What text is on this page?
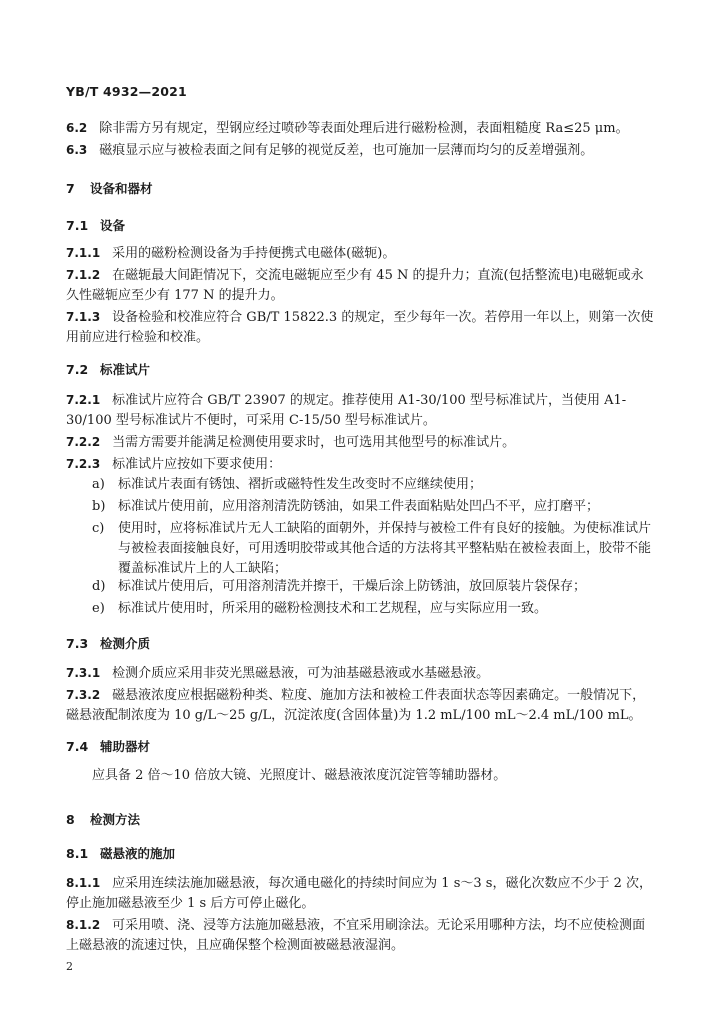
YB/T 4932—2021
6.2 除非需方另有规定，型钢应经过喷砂等表面处理后进行磁粉检测，表面粗糙度 Ra≤25 μm。
6.3 磁痕显示应与被检表面之间有足够的视觉反差，也可施加一层薄而均匀的反差增强剂。
7 设备和器材
7.1 设备
7.1.1 采用的磁粉检测设备为手持便携式电磁体(磁轭)。
7.1.2 在磁轭最大间距情况下，交流电磁轭应至少有 45 N 的提升力；直流(包括整流电)电磁轭或永久性磁轭应至少有 177 N 的提升力。
7.1.3 设备检验和校准应符合 GB/T 15822.3 的规定，至少每年一次。若停用一年以上，则第一次使用前应进行检验和校准。
7.2 标准试片
7.2.1 标准试片应符合 GB/T 23907 的规定。推荐使用 A1-30/100 型号标准试片，当使用 A1-30/100 型号标准试片不便时，可采用 C-15/50 型号标准试片。
7.2.2 当需方需要并能满足检测使用要求时，也可选用其他型号的标准试片。
7.2.3 标准试片应按如下要求使用：
a)	标准试片表面有锈蚀、褶折或磁特性发生改变时不应继续使用；
b) 标准试片使用前，应用溶剂清洗防锈油，如果工件表面粘贴处凹凸不平，应打磨平；
c)	使用时，应将标准试片无人工缺陷的面朝外，并保持与被检工件有良好的接触。为使标准试片与被检表面接触良好，可用透明胶带或其他合适的方法将其平整粘贴在被检表面上，胶带不能覆盖标准试片上的人工缺陷；
d) 标准试片使用后，可用溶剂清洗并擦干，干燥后涂上防锈油，放回原装片袋保存；
e)	标准试片使用时，所采用的磁粉检测技术和工艺规程，应与实际应用一致。
7.3 检测介质
7.3.1 检测介质应采用非荧光黑磁悬液，可为油基磁悬液或水基磁悬液。
7.3.2 磁悬液浓度应根据磁粉种类、粒度、施加方法和被检工件表面状态等因素确定。一般情况下，磁悬液配制浓度为 10 g/L～25 g/L，沉淀浓度(含固体量)为 1.2 mL/100 mL～2.4 mL/100 mL。
7.4 辅助器材
应具备 2 倍～10 倍放大镜、光照度计、磁悬液浓度沉淀管等辅助器材。
8 检测方法
8.1 磁悬液的施加
8.1.1 应采用连续法施加磁悬液，每次通电磁化的持续时间应为 1 s～3 s，磁化次数应不少于 2 次，停止施加磁悬液至少 1 s 后方可停止磁化。
8.1.2 可采用喷、浇、浸等方法施加磁悬液，不宜采用刷涂法。无论采用哪种方法，均不应使检测面上磁悬液的流速过快，且应确保整个检测面被磁悬液湿润。
2
